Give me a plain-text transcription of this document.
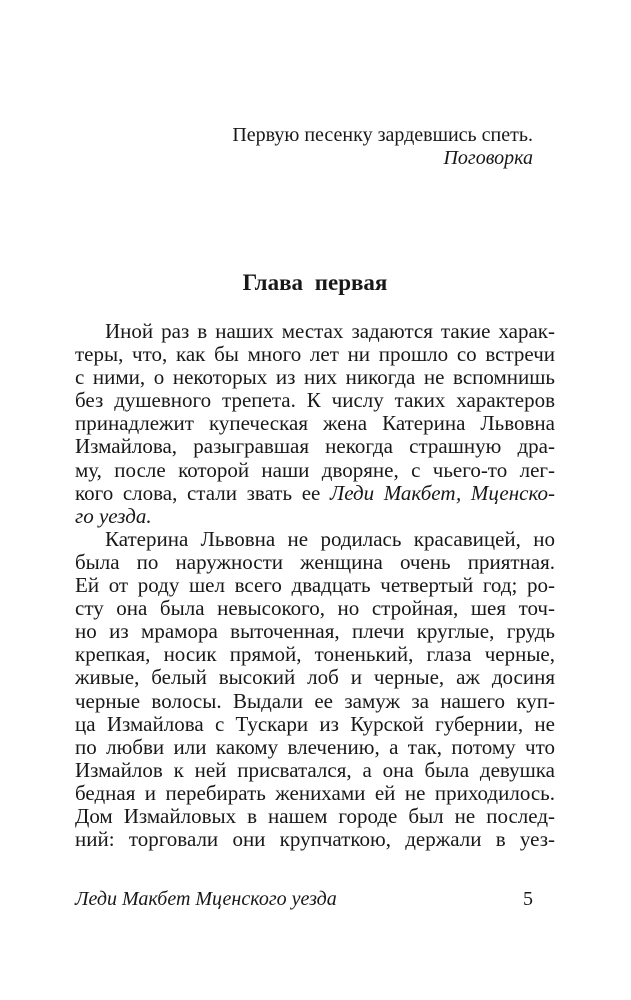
Первую песенку зардевшись спеть.
Поговорка
Глава первая
Иной раз в наших местах задаются такие харак-
теры, что, как бы много лет ни прошло со встречи
с ними, о некоторых из них никогда не вспомнишь
без душевного трепета. К числу таких характеров
принадлежит купеческая жена Катерина Львовна
Измайлова, разыгравшая некогда страшную дра-
му, после которой наши дворяне, с чьего-то лег-
кого слова, стали звать ее Леди Макбет, Мценско-
го уезда.
Катерина Львовна не родилась красавицей, но
была по наружности женщина очень приятная.
Ей от роду шел всего двадцать четвертый год; ро-
сту она была невысокого, но стройная, шея точ-
но из мрамора выточенная, плечи круглые, грудь
крепкая, носик прямой, тоненький, глаза черные,
живые, белый высокий лоб и черные, аж досиня
черные волосы. Выдали ее замуж за нашего куп-
ца Измайлова с Тускари из Курской губернии, не
по любви или какому влечению, а так, потому что
Измайлов к ней присватался, а она была девушка
бедная и перебирать женихами ей не приходилось.
Дом Измайловых в нашем городе был не послед-
ний: торговали они крупчаткою, держали в уез-
Леди Макбет Мценского уезда	5
